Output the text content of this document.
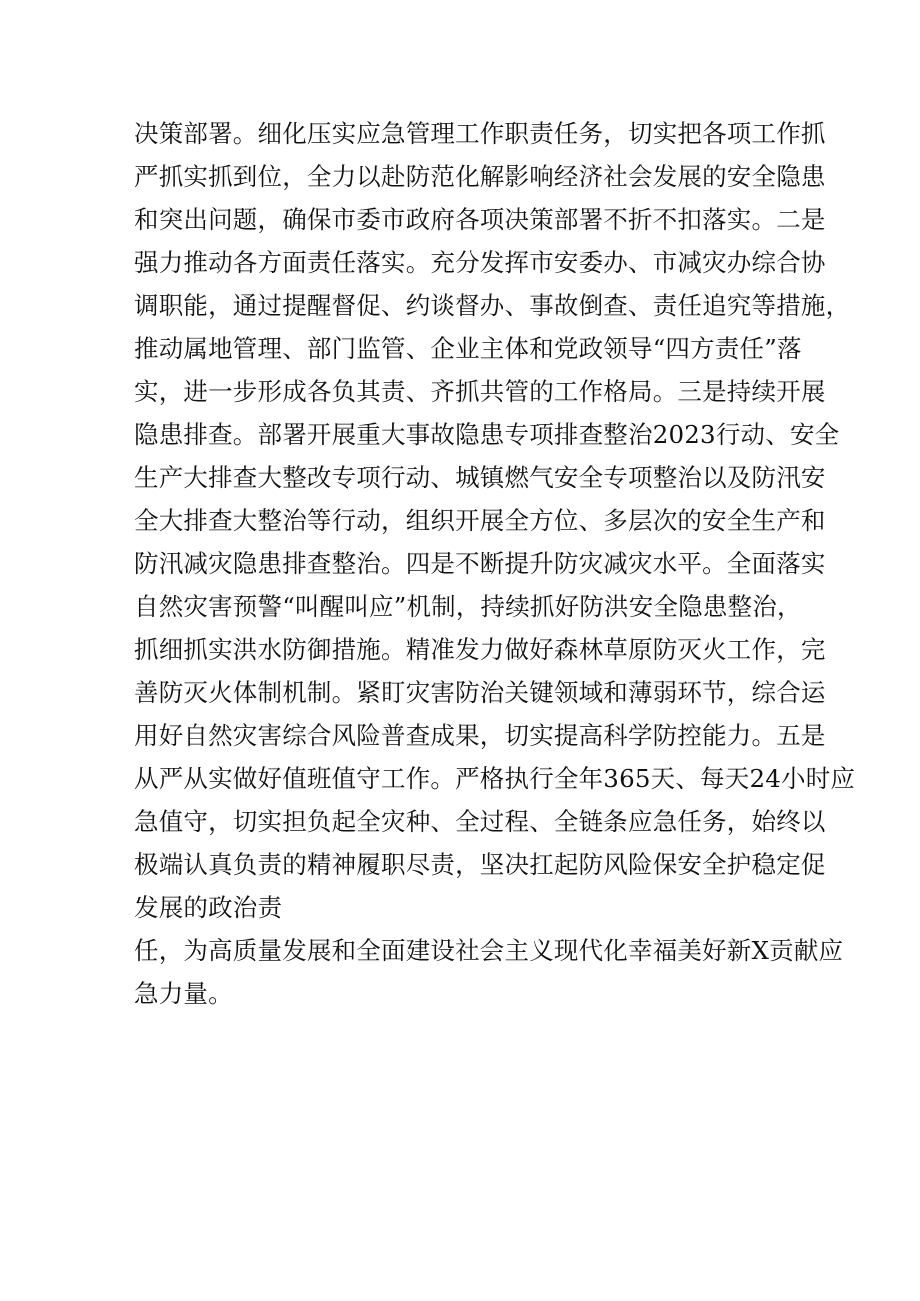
决策部署。细化压实应急管理工作职责任务，切实把各项工作抓
严抓实抓到位，全力以赴防范化解影响经济社会发展的安全隐患
和突出问题，确保市委市政府各项决策部署不折不扣落实。二是
强力推动各方面责任落实。充分发挥市安委办、市减灾办综合协
调职能，通过提醒督促、约谈督办、事故倒查、责任追究等措施，
推动属地管理、部门监管、企业主体和党政领导“四方责任”落
实，进一步形成各负其责、齐抓共管的工作格局。三是持续开展
隐患排查。部署开展重大事故隐患专项排查整治2023行动、安全
生产大排查大整改专项行动、城镇燃气安全专项整治以及防汛安
全大排查大整治等行动，组织开展全方位、多层次的安全生产和
防汛减灾隐患排查整治。四是不断提升防灾减灾水平。全面落实
自然灾害预警“叫醒叫应”机制，持续抓好防洪安全隐患整治，
抓细抓实洪水防御措施。精准发力做好森林草原防灭火工作，完
善防灭火体制机制。紧盯灾害防治关键领域和薄弱环节，综合运
用好自然灾害综合风险普查成果，切实提高科学防控能力。五是
从严从实做好值班值守工作。严格执行全年365天、每天24小时应
急值守，切实担负起全灾种、全过程、全链条应急任务，始终以
极端认真负责的精神履职尽责，坚决扛起防风险保安全护稳定促
发展的政治责
任，为高质量发展和全面建设社会主义现代化幸福美好新X贡献应
急力量。
